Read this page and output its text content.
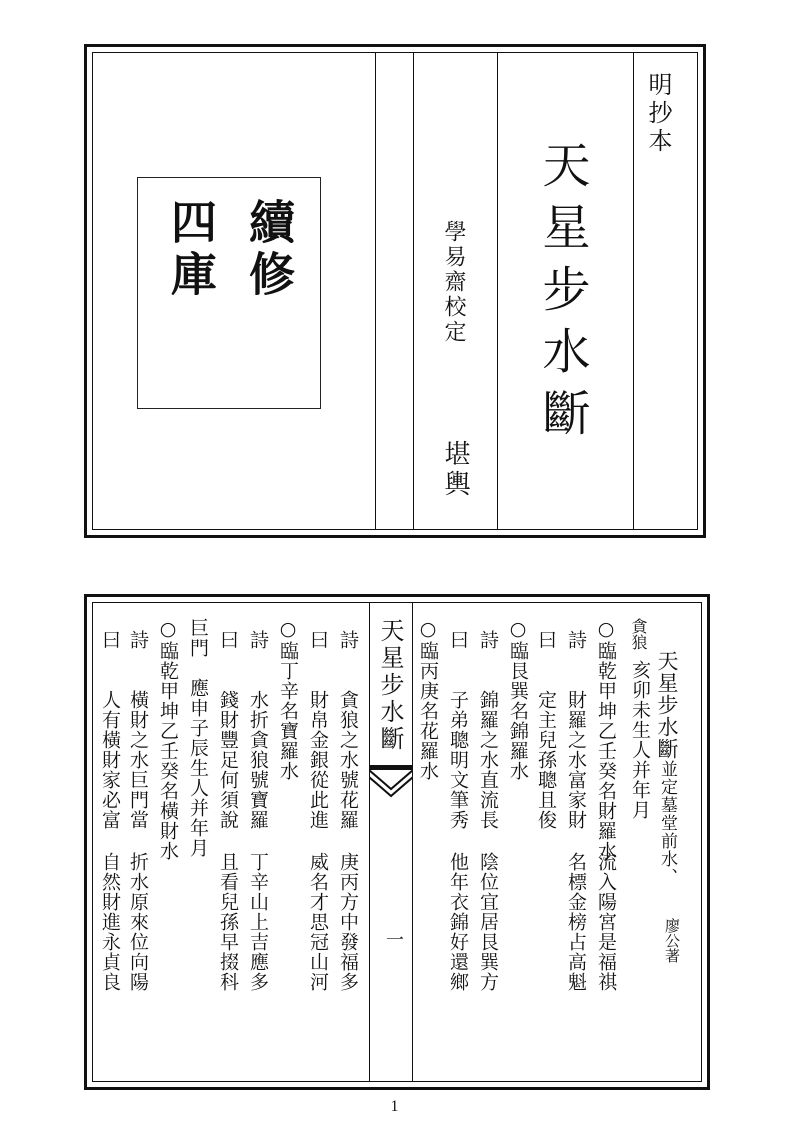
明抄本
天星步水斷
學易齋校定
堪輿
續修
四庫
天星步水斷
一
天星步水斷並定墓堂前水、
廖公著
貪狼
亥卯未生人并年月
○臨乾甲坤乙壬癸名財羅水
流入陽宮是福祺
詩　　財羅之水富家財
名標金榜占高魁
曰　　定主兒孫聰且俊
○臨艮巽名錦羅水
詩　　錦羅之水直流長
陰位宜居艮巽方
曰　　子弟聰明文筆秀
他年衣錦好還鄉
○臨丙庚名花羅水
詩　　貪狼之水號花羅
庚丙方中發福多
曰　　財帛金銀從此進
威名才思冠山河
○臨丁辛名寶羅水
詩　　水折貪狼號寶羅
丁辛山上吉應多
曰　　錢財豐足何須說
且看兒孫早掇科
巨門　應申子辰生人并年月
○臨乾甲坤乙壬癸名橫財水
詩　　橫財之水巨門當
折水原來位向陽
曰　　人有橫財家必富
自然財進永貞良
1
